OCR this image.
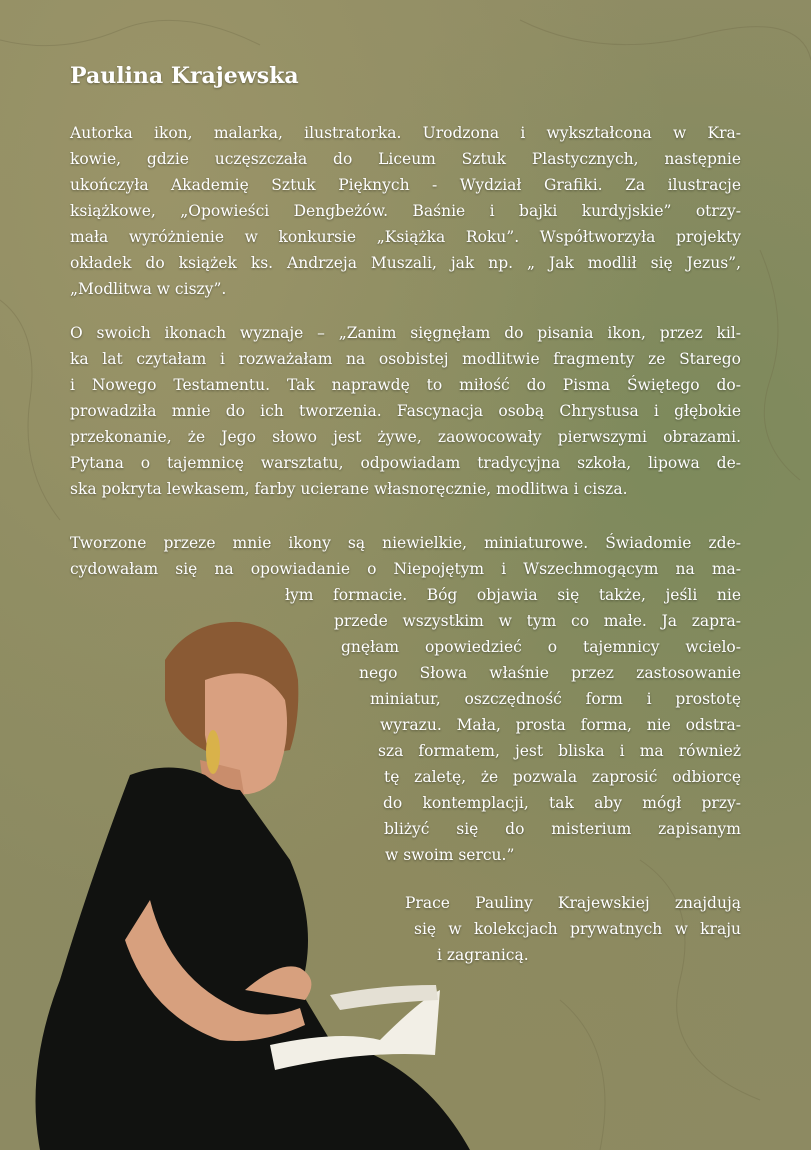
Paulina Krajewska
Autorka ikon, malarka, ilustratorka. Urodzona i wykształcona w Kra-
kowie, gdzie uczęszczała do Liceum Sztuk Plastycznych, następnie
ukończyła Akademię Sztuk Pięknych - Wydział Grafiki. Za ilustracje
książkowe, „Opowieści Dengbeżów. Baśnie i bajki kurdyjskie” otrzy-
mała wyróżnienie w konkursie „Książka Roku”. Współtworzyła projekty
okładek do książek ks. Andrzeja Muszali, jak np. „ Jak modlił się Jezus”,
„Modlitwa w ciszy”.
O swoich ikonach wyznaje – „Zanim sięgnęłam do pisania ikon, przez kil-
ka lat czytałam i rozważałam na osobistej modlitwie fragmenty ze Starego
i Nowego Testamentu. Tak naprawdę to miłość do Pisma Świętego do-
prowadziła mnie do ich tworzenia. Fascynacja osobą Chrystusa i głębokie
przekonanie, że Jego słowo jest żywe, zaowocowały pierwszymi obrazami.
Pytana o tajemnicę warsztatu, odpowiadam tradycyjna szkoła, lipowa de-
ska pokryta lewkasem, farby ucierane własnoręcznie, modlitwa i cisza.
Tworzone przeze mnie ikony są niewielkie, miniaturowe. Świadomie zde-
cydowałam się na opowiadanie o Niepojętym i Wszechmogącym na ma-
łym formacie. Bóg objawia się także, jeśli nie
przede wszystkim w tym co małe. Ja zapra-
gnęłam opowiedzieć o tajemnicy wcielo-
nego Słowa właśnie przez zastosowanie
miniatur, oszczędność form i prostotę
wyrazu. Mała, prosta forma, nie odstra-
sza formatem, jest bliska i ma również
tę zaletę, że pozwala zaprosić odbiorcę
do kontemplacji, tak aby mógł przy-
bliżyć się do misterium zapisanym
w swoim sercu.”
Prace Pauliny Krajewskiej znajdują
się w kolekcjach prywatnych w kraju
i zagranicą.
